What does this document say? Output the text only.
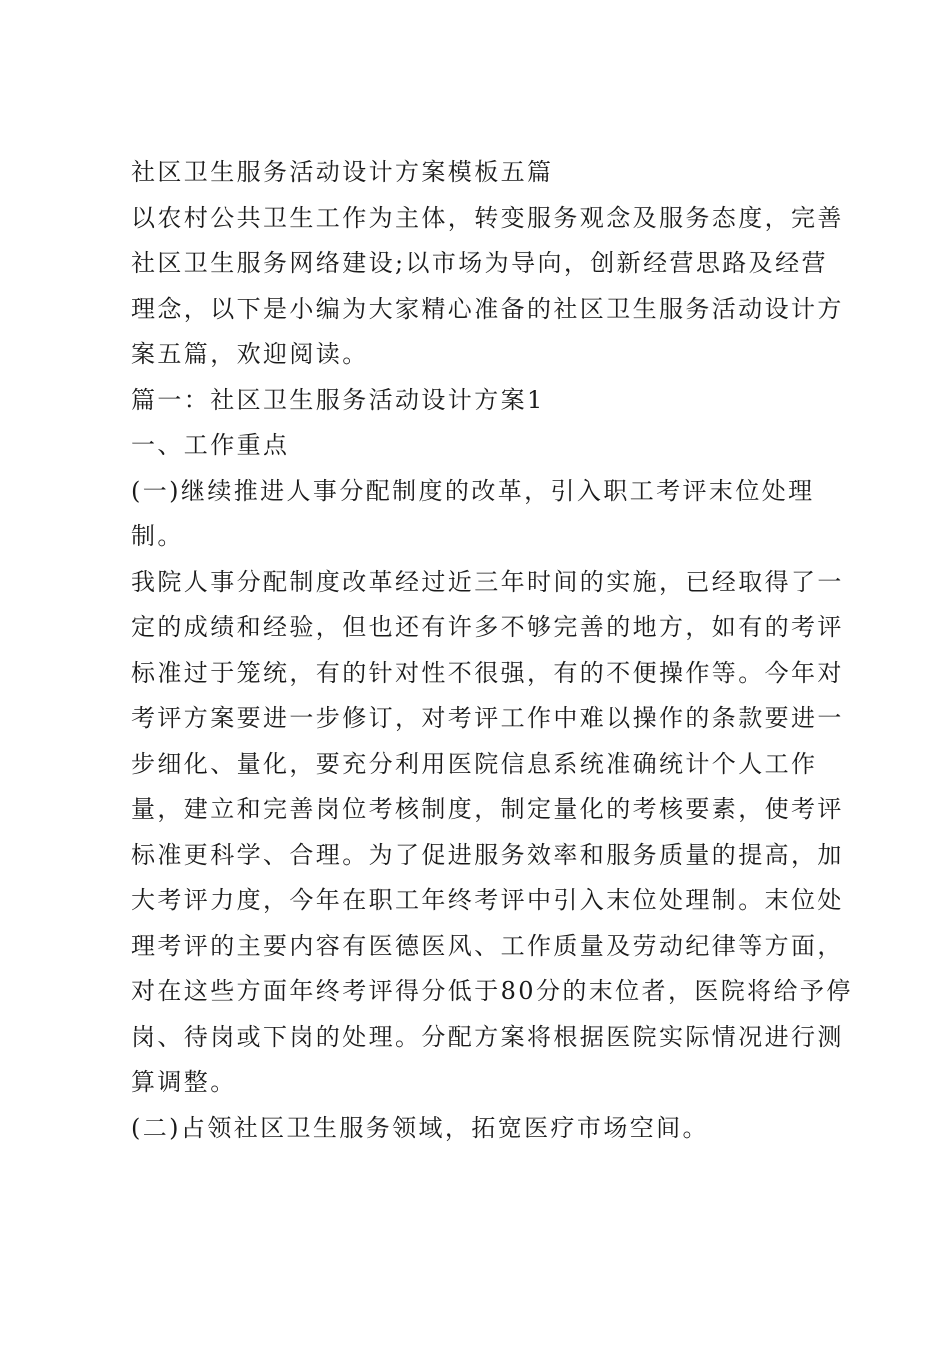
社区卫生服务活动设计方案模板五篇
以农村公共卫生工作为主体，转变服务观念及服务态度，完善
社区卫生服务网络建设;以市场为导向，创新经营思路及经营
理念，以下是小编为大家精心准备的社区卫生服务活动设计方
案五篇，欢迎阅读。
篇一：社区卫生服务活动设计方案1
一、工作重点
(一)继续推进人事分配制度的改革，引入职工考评末位处理
制。
我院人事分配制度改革经过近三年时间的实施，已经取得了一
定的成绩和经验，但也还有许多不够完善的地方，如有的考评
标准过于笼统，有的针对性不很强，有的不便操作等。今年对
考评方案要进一步修订，对考评工作中难以操作的条款要进一
步细化、量化，要充分利用医院信息系统准确统计个人工作
量，建立和完善岗位考核制度，制定量化的考核要素，使考评
标准更科学、合理。为了促进服务效率和服务质量的提高，加
大考评力度，今年在职工年终考评中引入末位处理制。末位处
理考评的主要内容有医德医风、工作质量及劳动纪律等方面，
对在这些方面年终考评得分低于80分的末位者，医院将给予停
岗、待岗或下岗的处理。分配方案将根据医院实际情况进行测
算调整。
(二)占领社区卫生服务领域，拓宽医疗市场空间。
